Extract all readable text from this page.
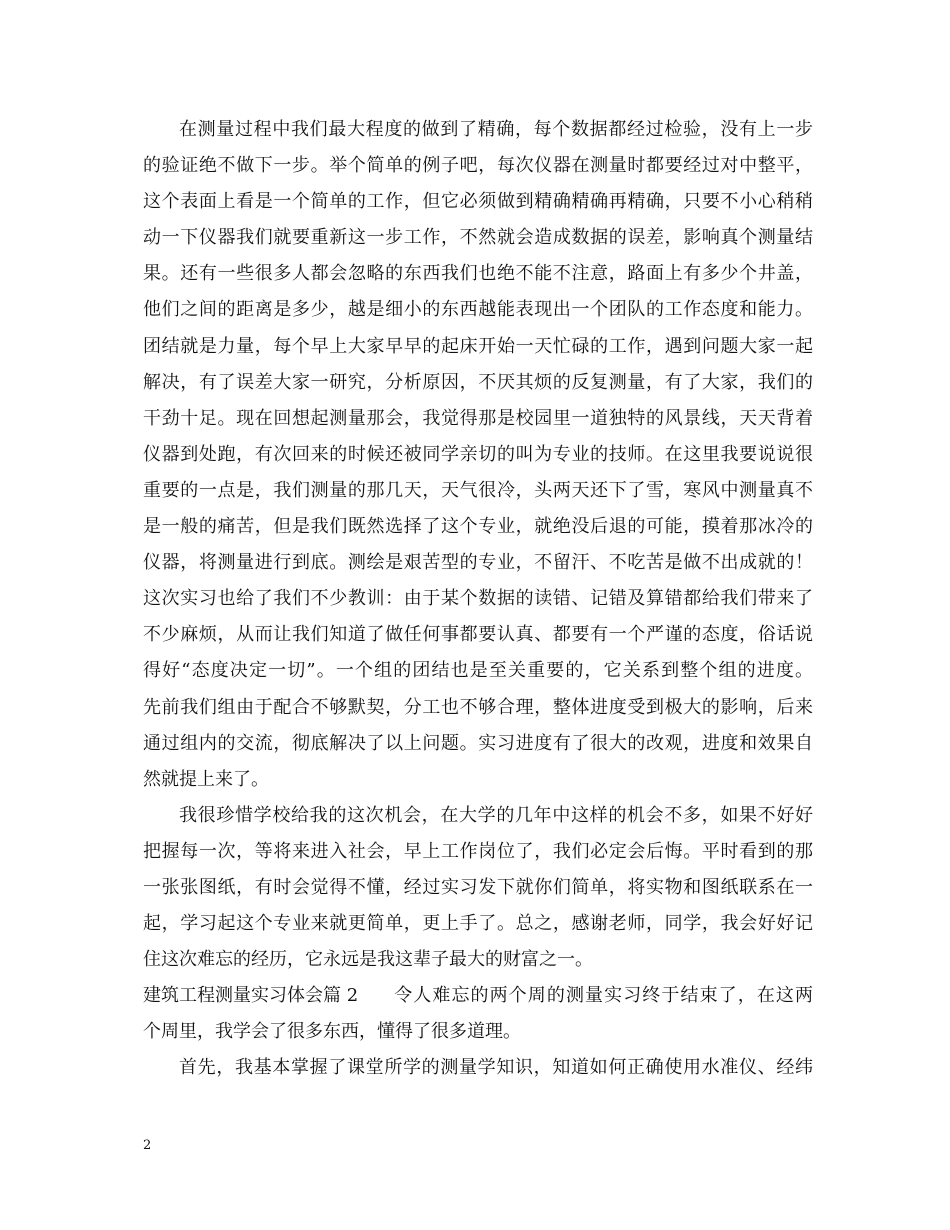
在测量过程中我们最大程度的做到了精确，每个数据都经过检验，没有上一步
的验证绝不做下一步。举个简单的例子吧，每次仪器在测量时都要经过对中整平，
这个表面上看是一个简单的工作，但它必须做到精确精确再精确，只要不小心稍稍
动一下仪器我们就要重新这一步工作，不然就会造成数据的误差，影响真个测量结
果。还有一些很多人都会忽略的东西我们也绝不能不注意，路面上有多少个井盖，
他们之间的距离是多少，越是细小的东西越能表现出一个团队的工作态度和能力。
团结就是力量，每个早上大家早早的起床开始一天忙碌的工作，遇到问题大家一起
解决，有了误差大家一研究，分析原因，不厌其烦的反复测量，有了大家，我们的
干劲十足。现在回想起测量那会，我觉得那是校园里一道独特的风景线，天天背着
仪器到处跑，有次回来的时候还被同学亲切的叫为专业的技师。在这里我要说说很
重要的一点是，我们测量的那几天，天气很冷，头两天还下了雪，寒风中测量真不
是一般的痛苦，但是我们既然选择了这个专业，就绝没后退的可能，摸着那冰冷的
仪器，将测量进行到底。测绘是艰苦型的专业，不留汗、不吃苦是做不出成就的！
这次实习也给了我们不少教训：由于某个数据的读错、记错及算错都给我们带来了
不少麻烦，从而让我们知道了做任何事都要认真、都要有一个严谨的态度，俗话说
得好“态度决定一切”。一个组的团结也是至关重要的，它关系到整个组的进度。
先前我们组由于配合不够默契，分工也不够合理，整体进度受到极大的影响，后来
通过组内的交流，彻底解决了以上问题。实习进度有了很大的改观，进度和效果自
然就提上来了。
我很珍惜学校给我的这次机会，在大学的几年中这样的机会不多，如果不好好
把握每一次，等将来进入社会，早上工作岗位了，我们必定会后悔。平时看到的那
一张张图纸，有时会觉得不懂，经过实习发下就你们简单，将实物和图纸联系在一
起，学习起这个专业来就更简单，更上手了。总之，感谢老师，同学，我会好好记
住这次难忘的经历，它永远是我这辈子最大的财富之一。
建筑工程测量实习体会篇 2 令人难忘的两个周的测量实习终于结束了，在这两
个周里，我学会了很多东西，懂得了很多道理。
首先，我基本掌握了课堂所学的测量学知识，知道如何正确使用水准仪、经纬
2
